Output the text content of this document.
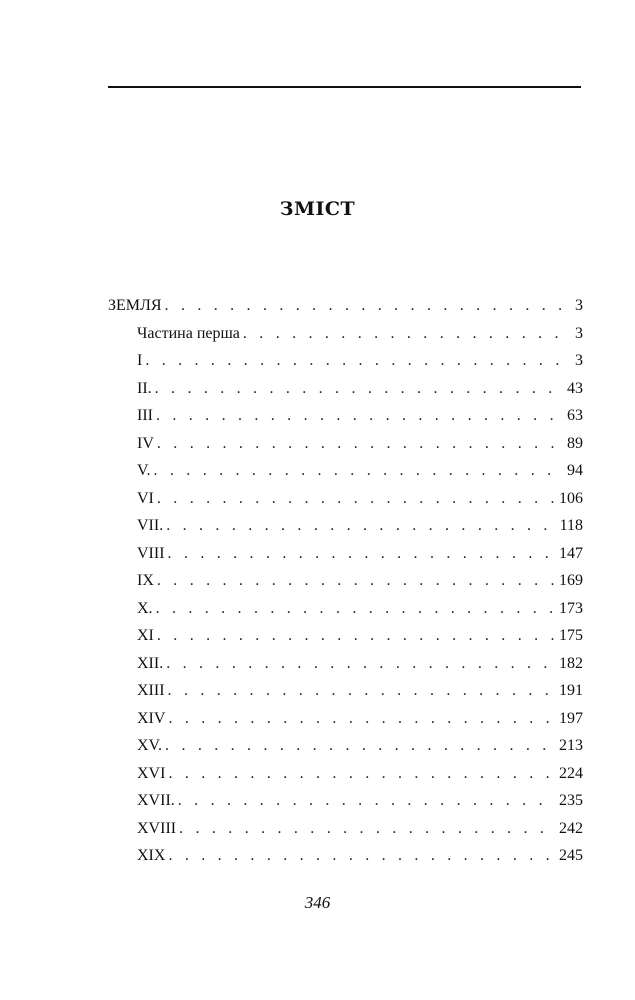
ЗМІСТ
ЗЕМЛЯ . . .	3
Частина перша . . .	3
I . . .	3
II. . . .	43
III . . .	63
IV . . .	89
V. . . .	94
VI . . .	106
VII. . . .	118
VIII . . .	147
IX . . .	169
X. . . .	173
XI . . .	175
XII. . . .	182
XIII . . .	191
XIV . . .	197
XV. . . .	213
XVI . . .	224
XVII. . . .	235
XVIII . . .	242
XIX . . .	245
346
